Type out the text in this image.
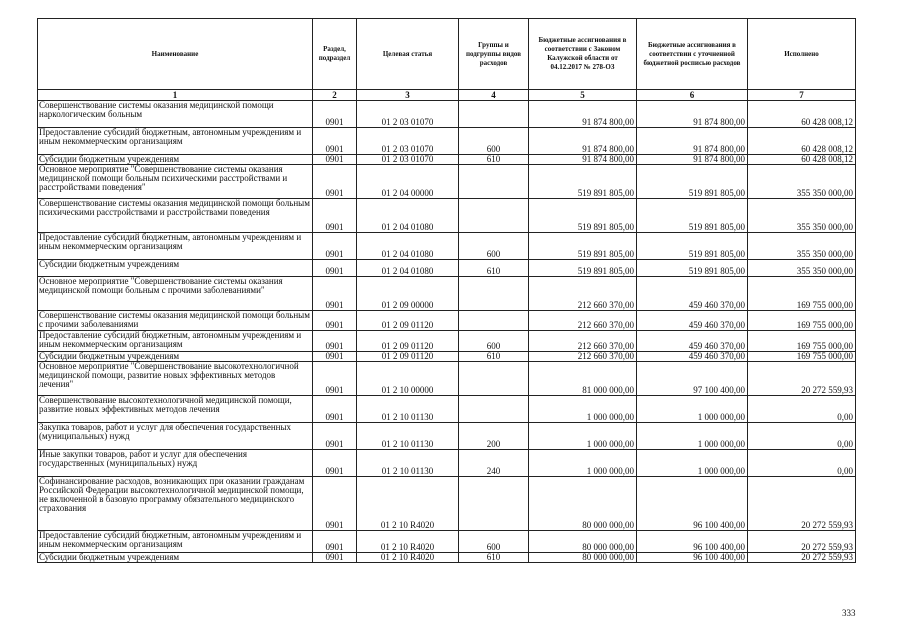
Наименование	Раздел, подраздел	Целевая статья	Группы и подгруппы видов расходов	Бюджетные ассигнования в соответствии с Законом Калужской области от 04.12.2017 № 278-ОЗ	Бюджетные ассигнования в соответствии с уточненной бюджетной росписью расходов	Исполнено
1	2	3	4	5	6	7
Совершенствование системы оказания медицинской помощи наркологическим больным	0901	01 2 03 01070		91 874 800,00	91 874 800,00	60 428 008,12
Предоставление субсидий бюджетным, автономным учреждениям и иным некоммерческим организациям	0901	01 2 03 01070	600	91 874 800,00	91 874 800,00	60 428 008,12
Субсидии бюджетным учреждениям	0901	01 2 03 01070	610	91 874 800,00	91 874 800,00	60 428 008,12
Основное мероприятие "Совершенствование системы оказания медицинской помощи больным психическими расстройствами и расстройствами поведения"	0901	01 2 04 00000		519 891 805,00	519 891 805,00	355 350 000,00
Совершенствование системы оказания медицинской помощи больным психическими расстройствами и расстройствами поведения	0901	01 2 04 01080		519 891 805,00	519 891 805,00	355 350 000,00
Предоставление субсидий бюджетным, автономным учреждениям и иным некоммерческим организациям	0901	01 2 04 01080	600	519 891 805,00	519 891 805,00	355 350 000,00
Субсидии бюджетным учреждениям	0901	01 2 04 01080	610	519 891 805,00	519 891 805,00	355 350 000,00
Основное мероприятие "Совершенствование системы оказания медицинской помощи больным с прочими заболеваниями"	0901	01 2 09 00000		212 660 370,00	459 460 370,00	169 755 000,00
Совершенствование системы оказания медицинской помощи больным с прочими заболеваниями	0901	01 2 09 01120		212 660 370,00	459 460 370,00	169 755 000,00
Предоставление субсидий бюджетным, автономным учреждениям и иным некоммерческим организациям	0901	01 2 09 01120	600	212 660 370,00	459 460 370,00	169 755 000,00
Субсидии бюджетным учреждениям	0901	01 2 09 01120	610	212 660 370,00	459 460 370,00	169 755 000,00
Основное мероприятие "Совершенствование высокотехнологичной медицинской помощи, развитие новых эффективных методов лечения"	0901	01 2 10 00000		81 000 000,00	97 100 400,00	20 272 559,93
Совершенствование высокотехнологичной медицинской помощи, развитие новых эффективных методов лечения	0901	01 2 10 01130		1 000 000,00	1 000 000,00	0,00
Закупка товаров, работ и услуг для обеспечения государственных (муниципальных) нужд	0901	01 2 10 01130	200	1 000 000,00	1 000 000,00	0,00
Иные закупки товаров, работ и услуг для обеспечения государственных (муниципальных) нужд	0901	01 2 10 01130	240	1 000 000,00	1 000 000,00	0,00
Софинансирование расходов, возникающих при оказании гражданам Российской Федерации высокотехнологичной медицинской помощи, не включенной в базовую программу обязательного медицинского страхования	0901	01 2 10 R4020		80 000 000,00	96 100 400,00	20 272 559,93
Предоставление субсидий бюджетным, автономным учреждениям и иным некоммерческим организациям	0901	01 2 10 R4020	600	80 000 000,00	96 100 400,00	20 272 559,93
Субсидии бюджетным учреждениям	0901	01 2 10 R4020	610	80 000 000,00	96 100 400,00	20 272 559,93
333
